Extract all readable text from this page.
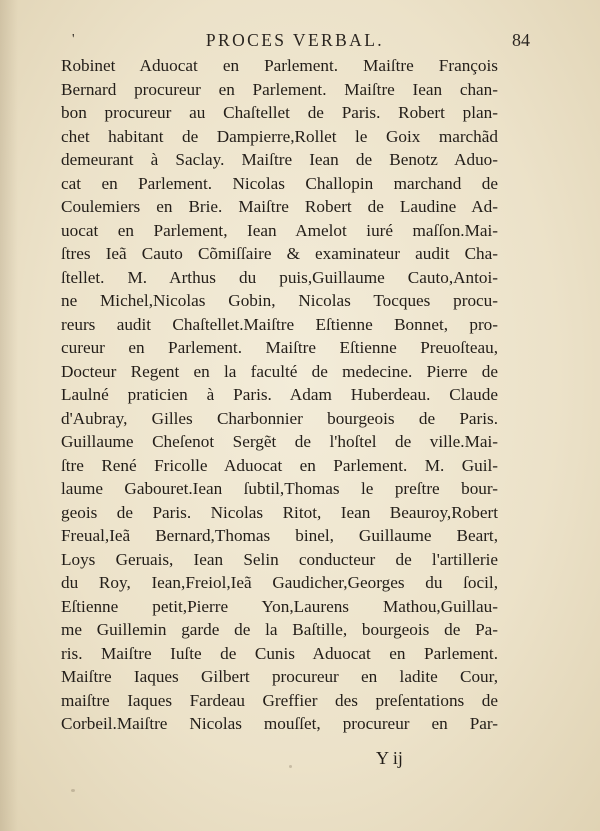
'	PROCES VERBAL.	84
Robinet Aduocat en Parlement. Maiſtre François
Bernard procureur en Parlement. Maiſtre Iean chan-
bon procureur au Chaſtellet de Paris. Robert plan-
chet habitant de Dampierre,Rollet le Goix marchãd
demeurant à Saclay. Maiſtre Iean de Benotz Aduo-
cat en Parlement. Nicolas Challopin marchand de
Coulemiers en Brie. Maiſtre Robert de Laudine Ad-
uocat en Parlement, Iean Amelot iuré maſſon.Mai-
ſtres Ieã Cauto Cõmiſſaire & examinateur audit Cha-
ſtellet. M. Arthus du puis,Guillaume Cauto,Antoi-
ne Michel,Nicolas Gobin, Nicolas Tocques procu-
reurs audit Chaſtellet.Maiſtre Eſtienne Bonnet, pro-
cureur en Parlement. Maiſtre Eſtienne Preuoſteau,
Docteur Regent en la faculté de medecine. Pierre de
Laulné praticien à Paris. Adam Huberdeau. Claude
d'Aubray, Gilles Charbonnier bourgeois de Paris.
Guillaume Cheſenot Sergẽt de l'hoſtel de ville.Mai-
ſtre René Fricolle Aduocat en Parlement. M. Guil-
laume Gabouret.Iean ſubtil,Thomas le preſtre bour-
geois de Paris. Nicolas Ritot, Iean Beauroy,Robert
Freual,Ieã Bernard,Thomas binel, Guillaume Beart,
Loys Geruais, Iean Selin conducteur de l'artillerie
du Roy, Iean,Freiol,Ieã Gaudicher,Georges du ſocil,
Eſtienne petit,Pierre Yon,Laurens Mathou,Guillau-
me Guillemin garde de la Baſtille, bourgeois de Pa-
ris. Maiſtre Iuſte de Cunis Aduocat en Parlement.
Maiſtre Iaques Gilbert procureur en ladite Cour,
maiſtre Iaques Fardeau Greffier des preſentations de
Corbeil.Maiſtre Nicolas mouſſet, procureur en Par-
Y ij
